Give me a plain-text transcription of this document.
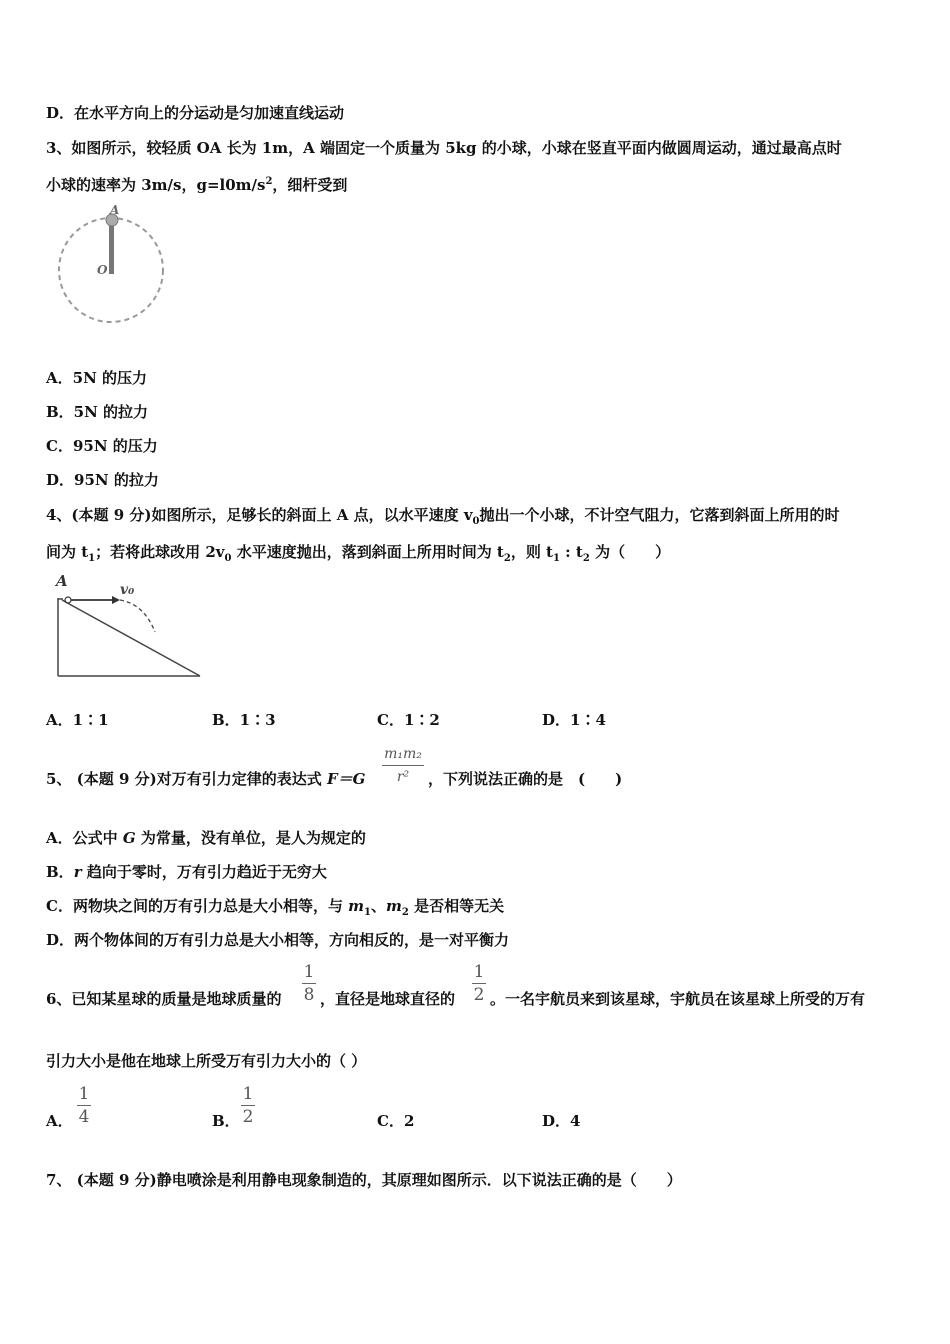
D．在水平方向上的分运动是匀加速直线运动
3、如图所示，较轻质 OA 长为 1m，A 端固定一个质量为 5kg 的小球，小球在竖直平面内做圆周运动，通过最高点时
小球的速率为 3m/s，$g=l0m/s^2$，细杆受到
A
O
A．5N 的压力
B．5N 的拉力
C．95N 的压力
D．95N 的拉力
4、(本题 9 分)如图所示，足够长的斜面上 A 点，以水平速度 $v_0$抛出一个小球，不计空气阻力，它落到斜面上所用的时
间为 $t_1$；若将此球改用 $2v_0$ 水平速度抛出，落到斜面上所用时间为 $t_2$，则 $t_1$ : $t_2$ 为（　　）
A	v₀
A．1∶1	B．1∶3	C．1∶2	D．1∶4
5、 (本题 9 分)对万有引力定律的表达式 F＝G
m₁m₂
r²	，下列说法正确的是　(　　)
A．公式中 G 为常量，没有单位，是人为规定的
B．r 趋向于零时，万有引力趋近于无穷大
C．两物块之间的万有引力总是大小相等，与 $m_1$、$m_2$ 是否相等无关
D．两个物体间的万有引力总是大小相等，方向相反的，是一对平衡力
6、已知某星球的质量是地球质量的
1
8 ，直径是地球直径的
1
2 。一名宇航员来到该星球，宇航员在该星球上所受的万有
引力大小是他在地球上所受万有引力大小的（ ）
A．
1
4	B．
1
2	C．2	D．4
7、 (本题 9 分)静电喷涂是利用静电现象制造的，其原理如图所示．以下说法正确的是（　　）
